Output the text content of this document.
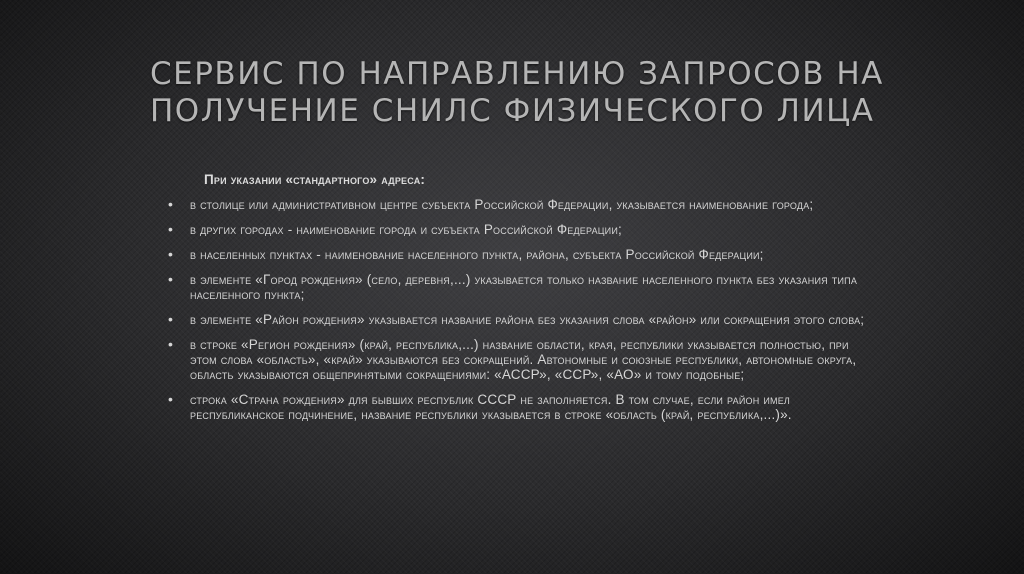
СЕРВИС ПО НАПРАВЛЕНИЮ ЗАПРОСОВ НА ПОЛУЧЕНИЕ СНИЛС ФИЗИЧЕСКОГО ЛИЦА
При указании «стандартного» адреса:
• в столице или административном центре субъекта Российской Федерации, указывается наименование города;
• в других городах - наименование города и субъекта Российской Федерации;
• в населенных пунктах - наименование населенного пункта, района, субъекта Российской Федерации;
• в элементе «Город рождения» (село, деревня,...) указывается только название населенного пункта без указания типа населенного пункта;
• в элементе «Район рождения» указывается название района без указания слова «район» или сокращения этого слова;
• в строке «Регион рождения» (край, республика,...) название области, края, республики указывается полностью, при этом слова «область», «край» указываются без сокращений. Автономные и союзные республики, автономные округа, область указываются общепринятыми сокращениями: «АССР», «ССР», «АО» и тому подобные;
• строка «Страна рождения» для бывших республик СССР не заполняется. В том случае, если район имел республиканское подчинение, название республики указывается в строке «область (край, республика,...)».
